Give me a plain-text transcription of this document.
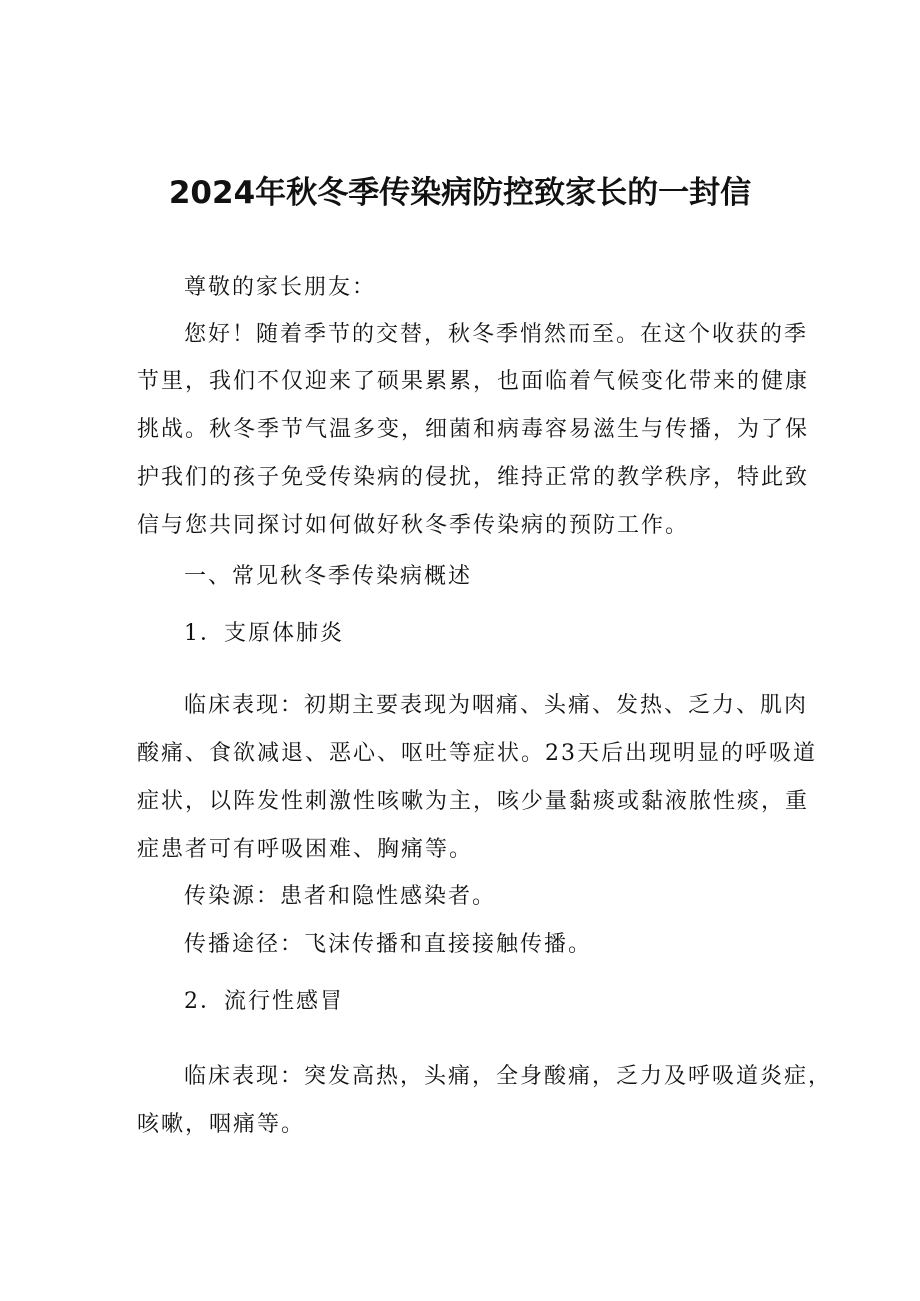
2024年秋冬季传染病防控致家长的一封信

尊敬的家长朋友：

您好！随着季节的交替，秋冬季悄然而至。在这个收获的季

节里，我们不仅迎来了硕果累累，也面临着气候变化带来的健康

挑战。秋冬季节气温多变，细菌和病毒容易滋生与传播，为了保

护我们的孩子免受传染病的侵扰，维持正常的教学秩序，特此致

信与您共同探讨如何做好秋冬季传染病的预防工作。

一、常见秋冬季传染病概述

1．支原体肺炎

临床表现：初期主要表现为咽痛、头痛、发热、乏力、肌肉

酸痛、食欲减退、恶心、呕吐等症状。23天后出现明显的呼吸道

症状，以阵发性刺激性咳嗽为主，咳少量黏痰或黏液脓性痰，重

症患者可有呼吸困难、胸痛等。

传染源：患者和隐性感染者。

传播途径：飞沫传播和直接接触传播。

2．流行性感冒

临床表现：突发高热，头痛，全身酸痛，乏力及呼吸道炎症，

咳嗽，咽痛等。
